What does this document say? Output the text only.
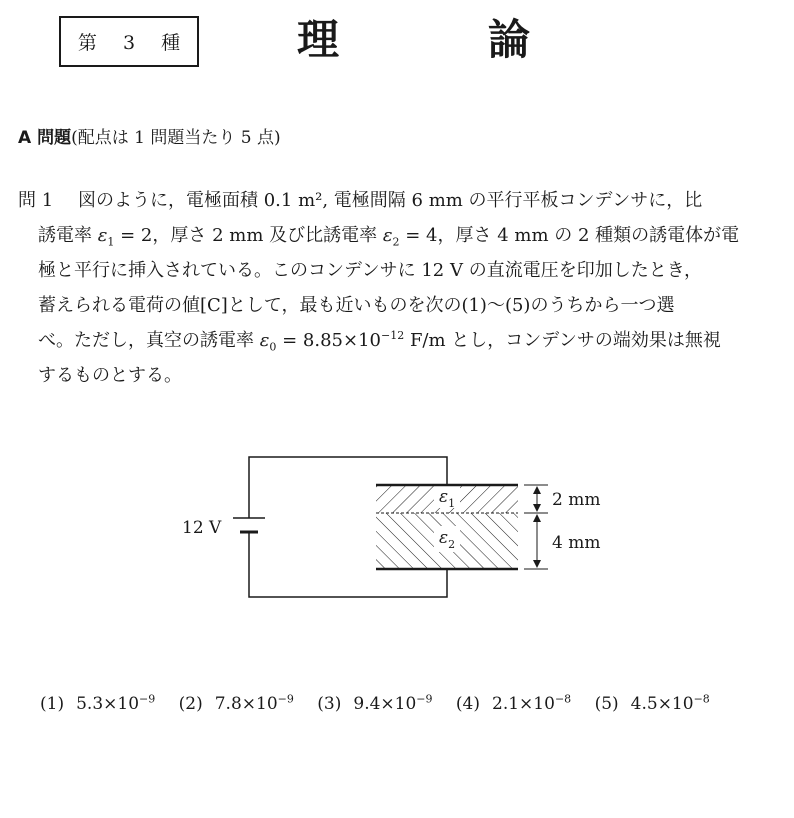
第 3 種	理	論
A 問題(配点は 1 問題当たり 5 点)
問 1 図のように，電極面積 0.1 m², 電極間隔 6 mm の平行平板コンデンサに，比
誘電率 $\varepsilon_1 = 2$，厚さ 2 mm 及び比誘電率 $\varepsilon_2 = 4$，厚さ 4 mm の 2 種類の誘電体が電
極と平行に挿入されている。このコンデンサに 12 V の直流電圧を印加したとき，
蓄えられる電荷の値[C]として，最も近いものを次の(1)～(5)のうちから一つ選
べ。ただし，真空の誘電率 $\varepsilon_0 = 8.85\times 10^{-12}$ F/m とし，コンデンサの端効果は無視
するものとする。
12 V
$\varepsilon_1$
$\varepsilon_2$
2 mm
4 mm
(1) $5.3\times 10^{-9}$ (2) $7.8\times 10^{-9}$ (3) $9.4\times 10^{-9}$ (4) $2.1\times 10^{-8}$ (5) $4.5\times 10^{-8}$
